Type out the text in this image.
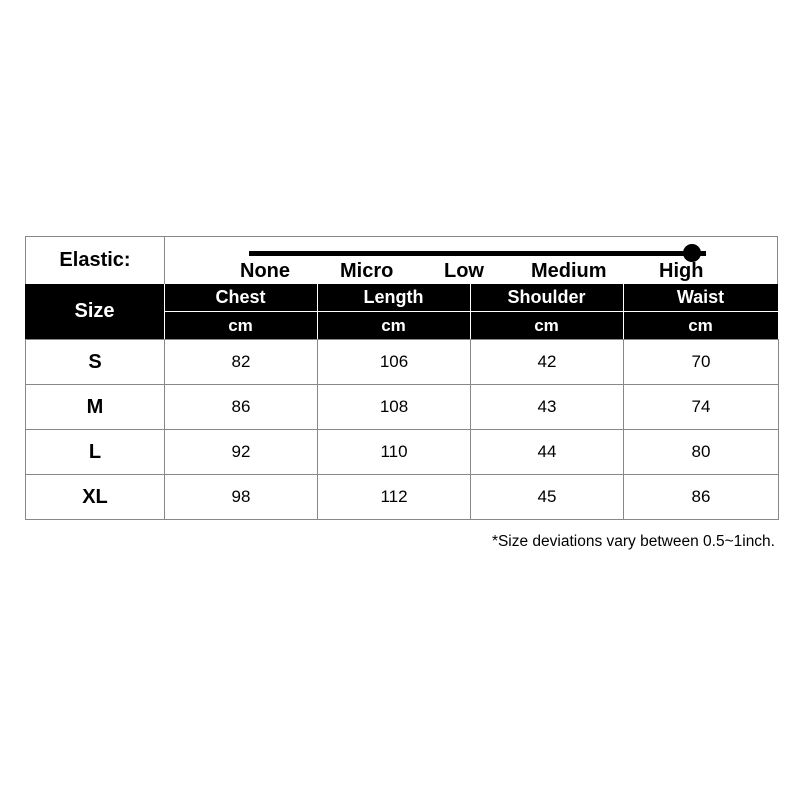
Elastic:	None	Micro	Low Medium	High
Size
Chest	Length	Shoulder	Waist
cm	cm	cm	cm
S	82	106	42	70
M	86	108	43	74
L	92	110	44	80
XL	98	112	45	86
*Size deviations vary between 0.5~1inch.
